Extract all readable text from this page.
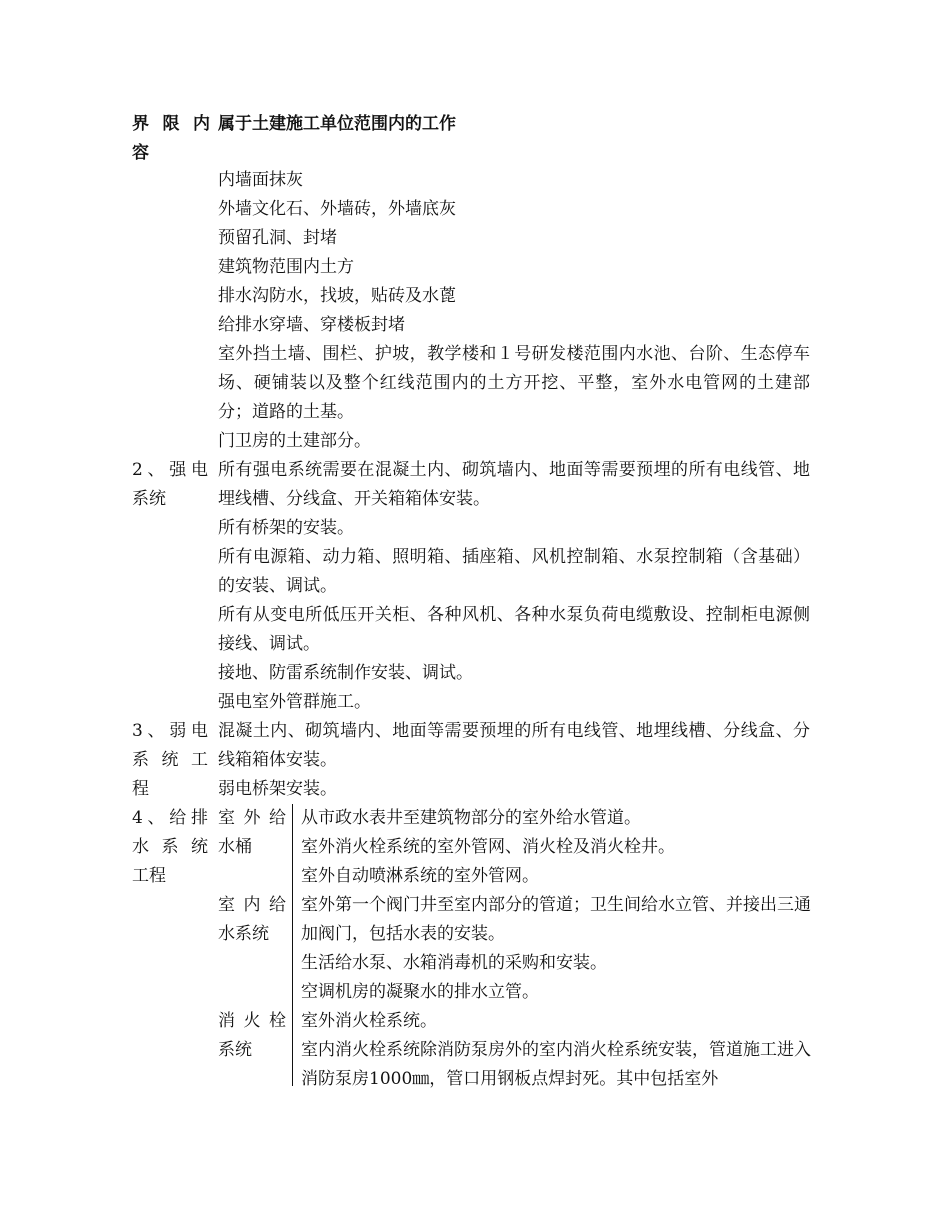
界 限 内
容
属于土建施工单位范围内的工作
内墙面抹灰
外墙文化石、外墙砖，外墙底灰
预留孔洞、封堵
建筑物范围内土方
排水沟防水，找坡，贴砖及水蓖
给排水穿墙、穿楼板封堵
室外挡土墙、围栏、护坡，教学楼和１号研发楼范围内水池、台阶、生态停车场、硬铺装以及整个红线范围内的土方开挖、平整，室外水电管网的土建部分；道路的土基。
门卫房的土建部分。
2、强电
系统
所有强电系统需要在混凝土内、砌筑墙内、地面等需要预埋的所有电线管、地埋线槽、分线盒、开关箱箱体安装。
所有桥架的安装。
所有电源箱、动力箱、照明箱、插座箱、风机控制箱、水泵控制箱（含基础）的安装、调试。
所有从变电所低压开关柜、各种风机、各种水泵负荷电缆敷设、控制柜电源侧接线、调试。
接地、防雷系统制作安装、调试。
强电室外管群施工。
3、弱电
系 统 工
程
混凝土内、砌筑墙内、地面等需要预埋的所有电线管、地埋线槽、分线盒、分线箱箱体安装。
弱电桥架安装。
4、给排
水 系 统
工程
室 外 给
水桶
从市政水表井至建筑物部分的室外给水管道。
室外消火栓系统的室外管网、消火栓及消火栓井。
室外自动喷淋系统的室外管网。
室 内 给
水系统
室外第一个阀门井至室内部分的管道；卫生间给水立管、并接出三通加阀门，包括水表的安装。
生活给水泵、水箱消毒机的采购和安装。
空调机房的凝聚水的排水立管。
消 火 栓
系统
室外消火栓系统。
室内消火栓系统除消防泵房外的室内消火栓系统安装，管道施工进入消防泵房1000㎜，管口用钢板点焊封死。其中包括室外
